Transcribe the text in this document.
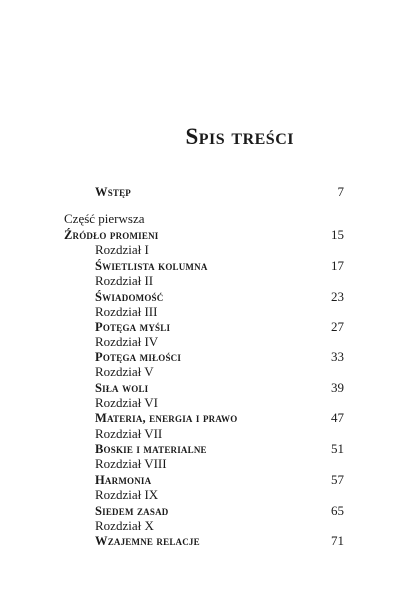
Spis treści
Wstęp	7
Część pierwsza
Źródło promieni	15
Rozdział I
Świetlista kolumna	17
Rozdział II
Świadomość	23
Rozdział III
Potęga myśli	27
Rozdział IV
Potęga miłości	33
Rozdział V
Siła woli	39
Rozdział VI
Materia, energia i prawo	47
Rozdział VII
Boskie i materialne	51
Rozdział VIII
Harmonia	57
Rozdział IX
Siedem zasad	65
Rozdział X
Wzajemne relacje	71
